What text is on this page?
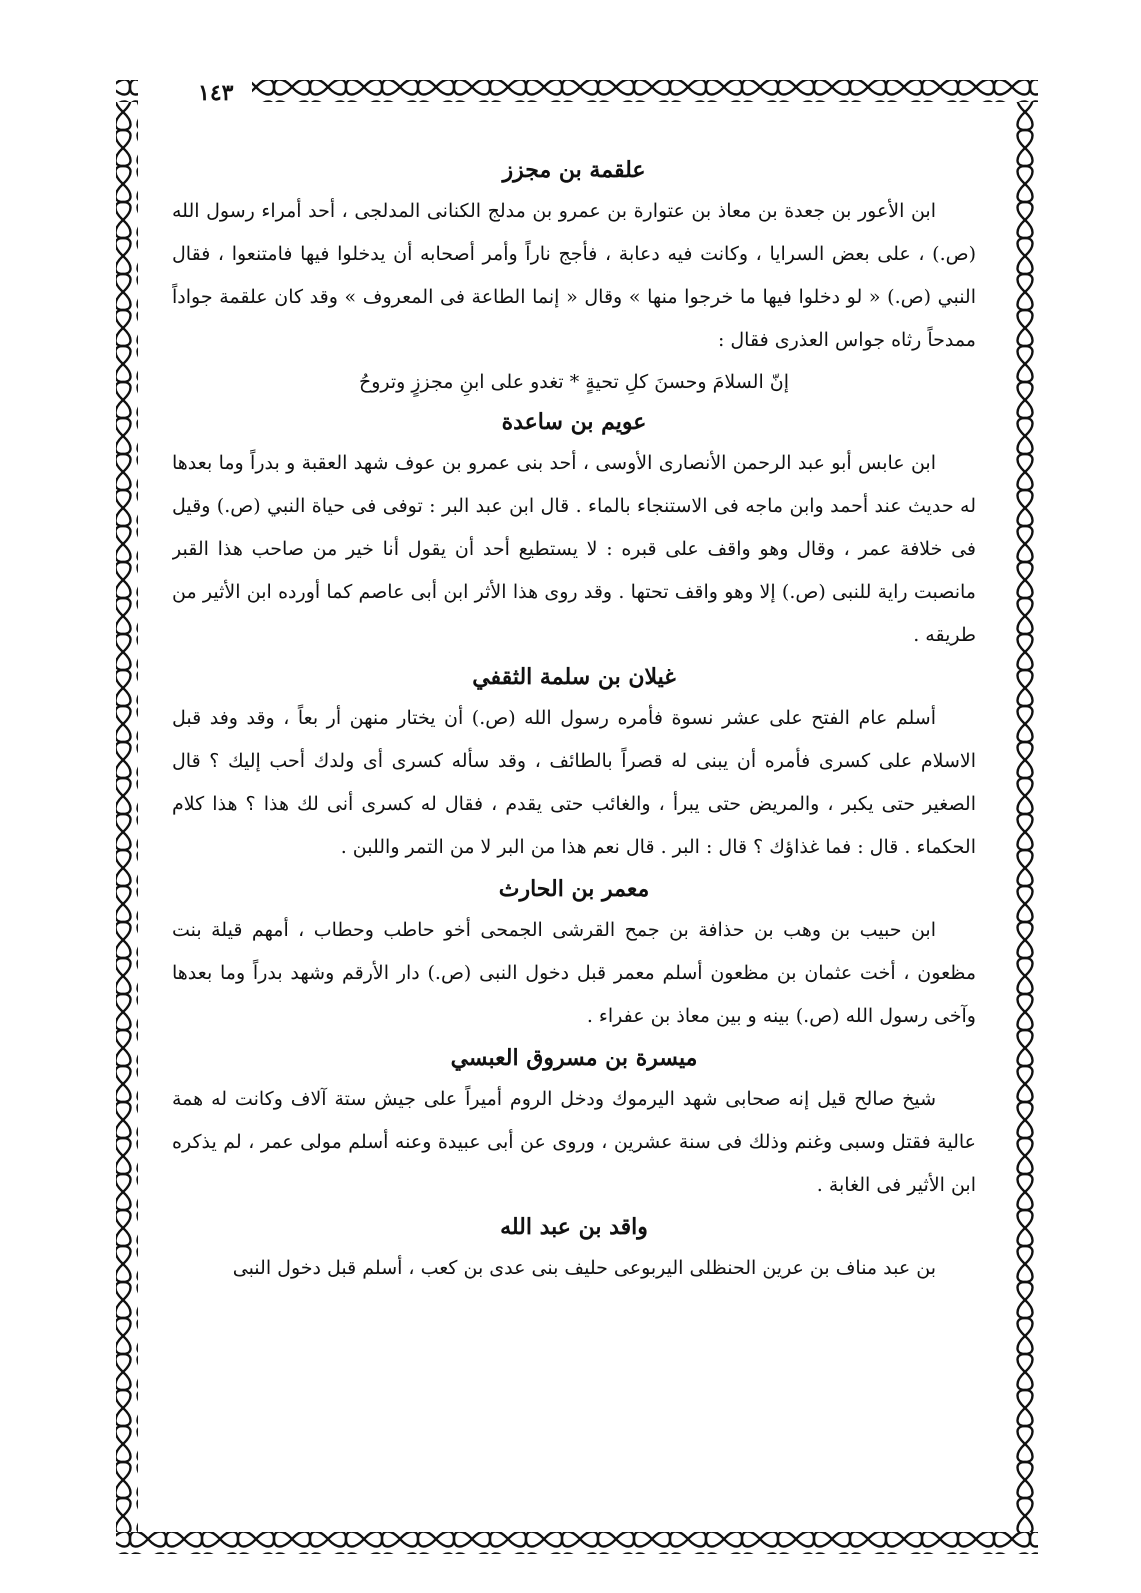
١٤٣
علقمة بن مجزز

ابن الأعور بن جعدة بن معاذ بن عتوارة بن عمرو بن مدلج الكنانى المدلجى ، أحد أمراء رسول الله (ص.) ، على بعض السرايا ، وكانت فيه دعابة ، فأجج ناراً وأمر أصحابه أن يدخلوا فيها فامتنعوا ، فقال النبي (ص.) « لو دخلوا فيها ما خرجوا منها » وقال « إنما الطاعة فى المعروف » وقد كان علقمة جواداً ممدحاً رثاه جواس العذرى فقال :

إنّ السلامَ وحسنَ كلِ تحيةٍ * تغدو على ابنِ مجززٍ وتروحُ

عويم بن ساعدة

ابن عابس أبو عبد الرحمن الأنصارى الأوسى ، أحد بنى عمرو بن عوف شهد العقبة و بدراً وما بعدها له حديث عند أحمد وابن ماجه فى الاستنجاء بالماء . قال ابن عبد البر : توفى فى حياة النبي (ص.) وقيل فى خلافة عمر ، وقال وهو واقف على قبره : لا يستطيع أحد أن يقول أنا خير من صاحب هذا القبر مانصبت راية للنبى (ص.) إلا وهو واقف تحتها . وقد روى هذا الأثر ابن أبى عاصم كما أورده ابن الأثير من طريقه .

غيلان بن سلمة الثقفي

أسلم عام الفتح على عشر نسوة فأمره رسول الله (ص.) أن يختار منهن أر بعاً ، وقد وفد قبل الاسلام على كسرى فأمره أن يبنى له قصراً بالطائف ، وقد سأله كسرى أى ولدك أحب إليك ؟ قال الصغير حتى يكبر ، والمريض حتى يبرأ ، والغائب حتى يقدم ، فقال له كسرى أنى لك هذا ؟ هذا كلام الحكماء . قال : فما غذاؤك ؟ قال : البر . قال نعم هذا من البر لا من التمر واللبن .

معمر بن الحارث

ابن حبيب بن وهب بن حذافة بن جمح القرشى الجمحى أخو حاطب وحطاب ، أمهم قيلة بنت مظعون ، أخت عثمان بن مظعون أسلم معمر قبل دخول النبى (ص.) دار الأرقم وشهد بدراً وما بعدها وآخى رسول الله (ص.) بينه و بين معاذ بن عفراء .

ميسرة بن مسروق العبسي

شيخ صالح قيل إنه صحابى شهد اليرموك ودخل الروم أميراً على جيش ستة آلاف وكانت له همة عالية فقتل وسبى وغنم وذلك فى سنة عشرين ، وروى عن أبى عبيدة وعنه أسلم مولى عمر ، لم يذكره ابن الأثير فى الغابة .

واقد بن عبد الله

بن عبد مناف بن عرين الحنظلى اليربوعى حليف بنى عدى بن كعب ، أسلم قبل دخول النبى
